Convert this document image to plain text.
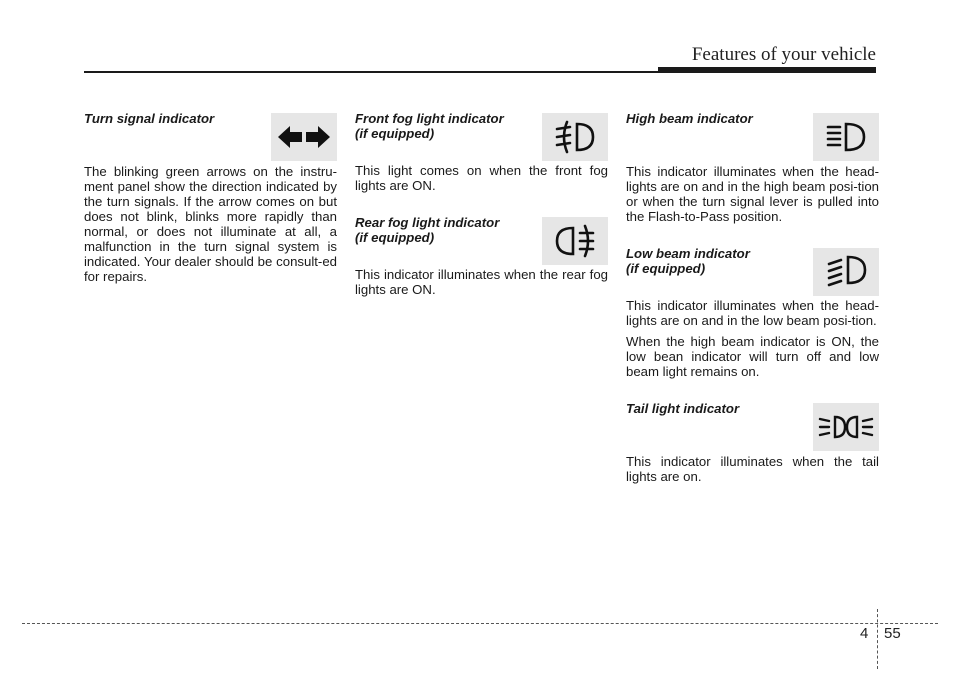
Features of your vehicle
Turn signal indicator

The blinking green arrows on the instru-ment panel show the direction indicated by the turn signals. If the arrow comes on but does not blink, blinks more rapidly than normal, or does not illuminate at all, a malfunction in the turn signal system is indicated. Your dealer should be consult-ed for repairs.

Front fog light indicator
(if equipped)

This light comes on when the front fog lights are ON.

Rear fog light indicator
(if equipped)

This indicator illuminates when the rear fog lights are ON.

High beam indicator

This indicator illuminates when the head-lights are on and in the high beam posi-tion or when the turn signal lever is pulled into the Flash-to-Pass position.

Low beam indicator
(if equipped)

This indicator illuminates when the head-lights are on and in the low beam posi-tion.

When the high beam indicator is ON, the low bean indicator will turn off and low beam light remains on.

Tail light indicator

This indicator illuminates when the tail lights are on.

4 55
